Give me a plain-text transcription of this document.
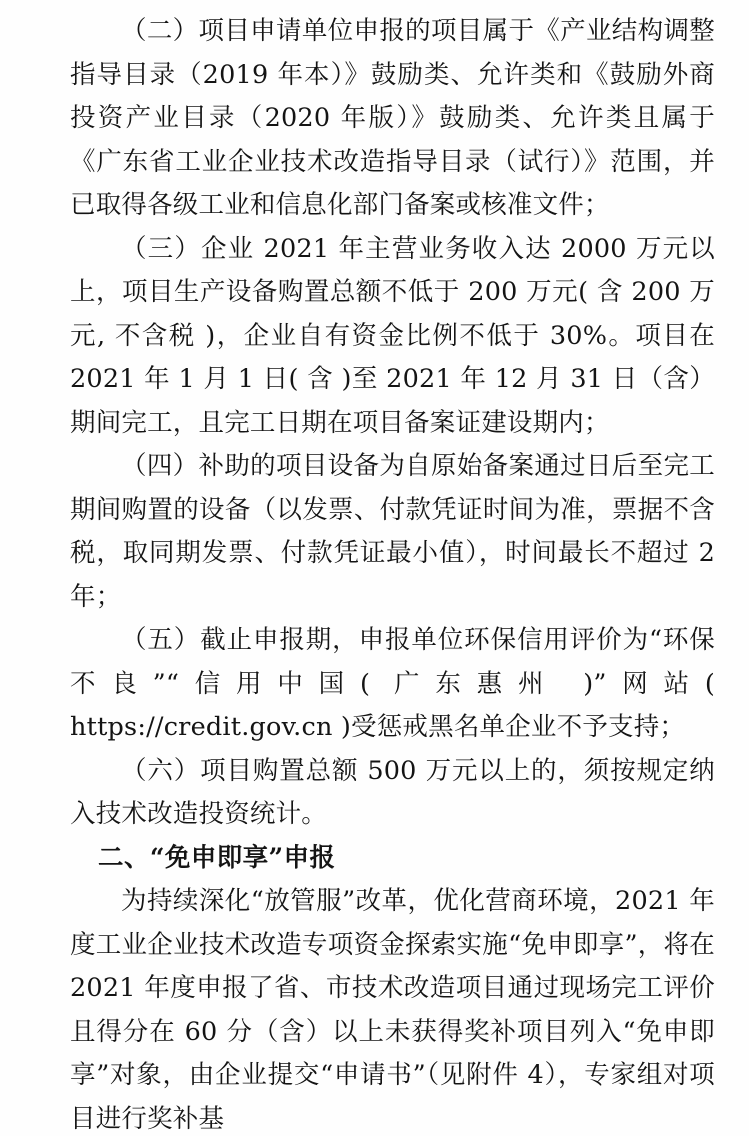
（二）项目申请单位申报的项目属于《产业结构调整指导目录（2019 年本）》鼓励类、允许类和《鼓励外商投资产业目录（2020 年版）》鼓励类、允许类且属于《广东省工业企业技术改造指导目录（试行）》范围，并已取得各级工业和信息化部门备案或核准文件；

（三）企业 2021 年主营业务收入达 2000 万元以上，项目生产设备购置总额不低于 200 万元( 含 200 万元, 不含税 )，企业自有资金比例不低于 30%。项目在 2021 年 1 月 1 日( 含 )至 2021 年 12 月 31 日（含）期间完工，且完工日期在项目备案证建设期内；

（四）补助的项目设备为自原始备案通过日后至完工期间购置的设备（以发票、付款凭证时间为准，票据不含税，取同期发票、付款凭证最小值），时间最长不超过 2 年；

（五）截止申报期，申报单位环保信用评价为“环保不良”“信用中国( 广东惠州 )”网站( https://credit.gov.cn )受惩戒黑名单企业不予支持；

（六）项目购置总额 500 万元以上的，须按规定纳入技术改造投资统计。

二、“免申即享”申报

为持续深化“放管服”改革，优化营商环境，2021 年度工业企业技术改造专项资金探索实施“免申即享”，将在 2021 年度申报了省、市技术改造项目通过现场完工评价且得分在 60 分（含）以上未获得奖补项目列入“免申即享”对象，由企业提交“申请书”（见附件 4），专家组对项目进行奖补基
